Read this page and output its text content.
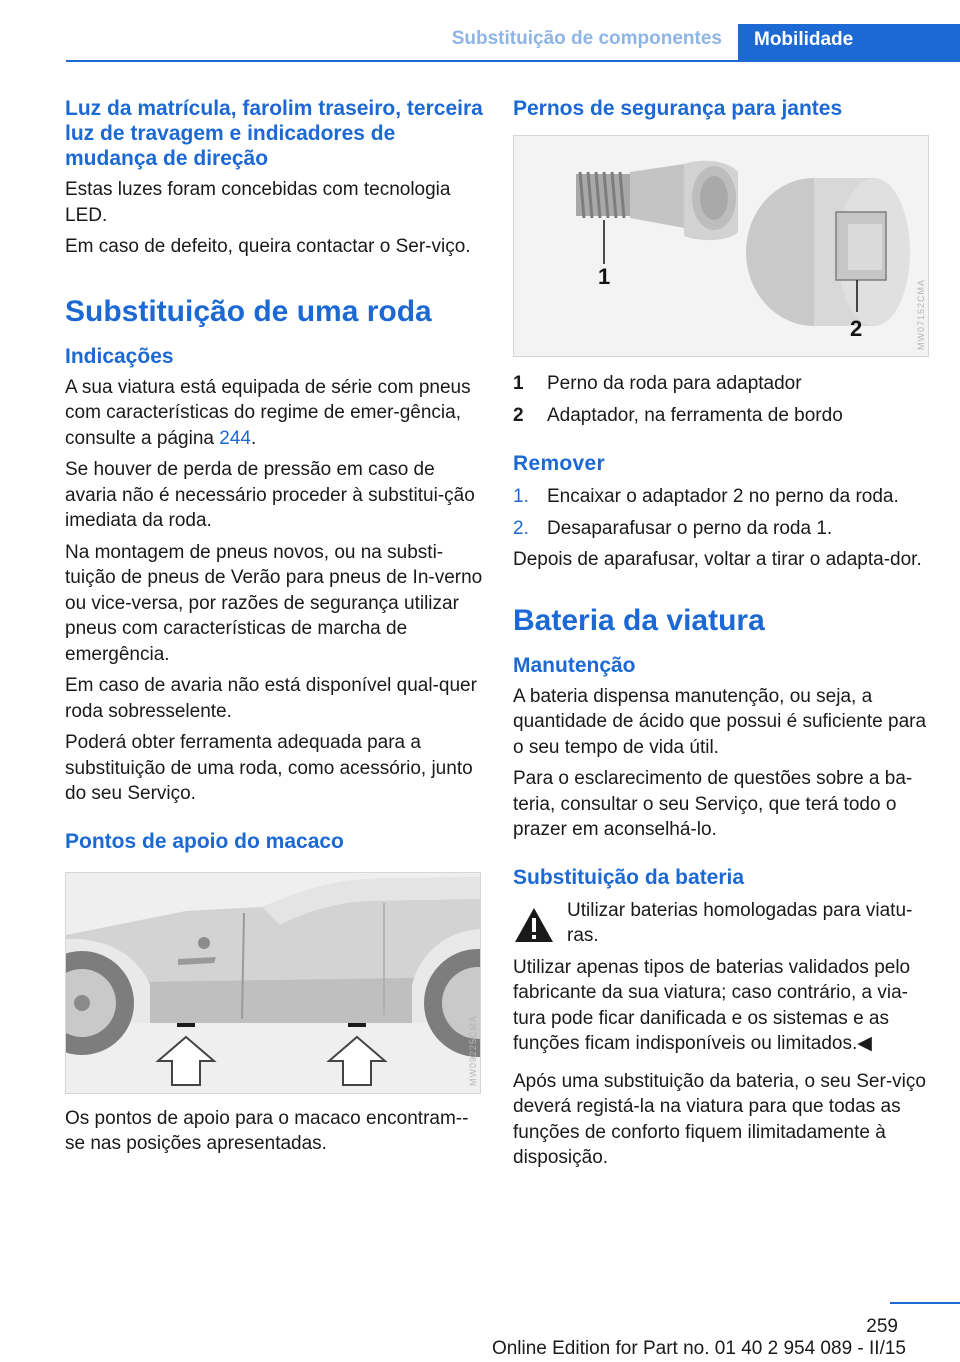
Substituição de componentes	Mobilidade
Luz da matrícula, farolim traseiro, terceira luz de travagem e indicadores de mudança de direção

Estas luzes foram concebidas com tecnologia LED.

Em caso de defeito, queira contactar o Ser‐viço.

Substituição de uma roda
Indicações

A sua viatura está equipada de série com pneus com características do regime de emer‐gência, consulte a página 244.

Se houver de perda de pressão em caso de avaria não é necessário proceder à substitui‐ção imediata da roda.

Na montagem de pneus novos, ou na substi‐tuição de pneus de Verão para pneus de In‐verno ou vice-versa, por razões de segurança utilizar pneus com características de marcha de emergência.

Em caso de avaria não está disponível qual‐quer roda sobresselente.

Poderá obter ferramenta adequada para a substituição de uma roda, como acessório, junto do seu Serviço.

Pontos de apoio do macaco
MW09225CMA

Os pontos de apoio para o macaco encontram--se nas posições apresentadas.

Pernos de segurança para jantes
1
2	MW07152CMA
1	Perno da roda para adaptador
2	Adaptador, na ferramenta de bordo
Remover
1. Encaixar o adaptador 2 no perno da roda.
2. Desaparafusar o perno da roda 1.

Depois de aparafusar, voltar a tirar o adapta‐dor.

Bateria da viatura
Manutenção

A bateria dispensa manutenção, ou seja, a quantidade de ácido que possui é suficiente para o seu tempo de vida útil.

Para o esclarecimento de questões sobre a ba‐teria, consultar o seu Serviço, que terá todo o prazer em aconselhá-lo.

Substituição da bateria

Utilizar baterias homologadas para viatu‐ras.

Utilizar apenas tipos de baterias validados pelo fabricante da sua viatura; caso contrário, a via‐tura pode ficar danificada e os sistemas e as funções ficam indisponíveis ou limitados.◀

Após uma substituição da bateria, o seu Ser‐viço deverá registá-la na viatura para que todas as funções de conforto fiquem ilimitadamente à disposição.

259
Online Edition for Part no. 01 40 2 954 089 - II/15
